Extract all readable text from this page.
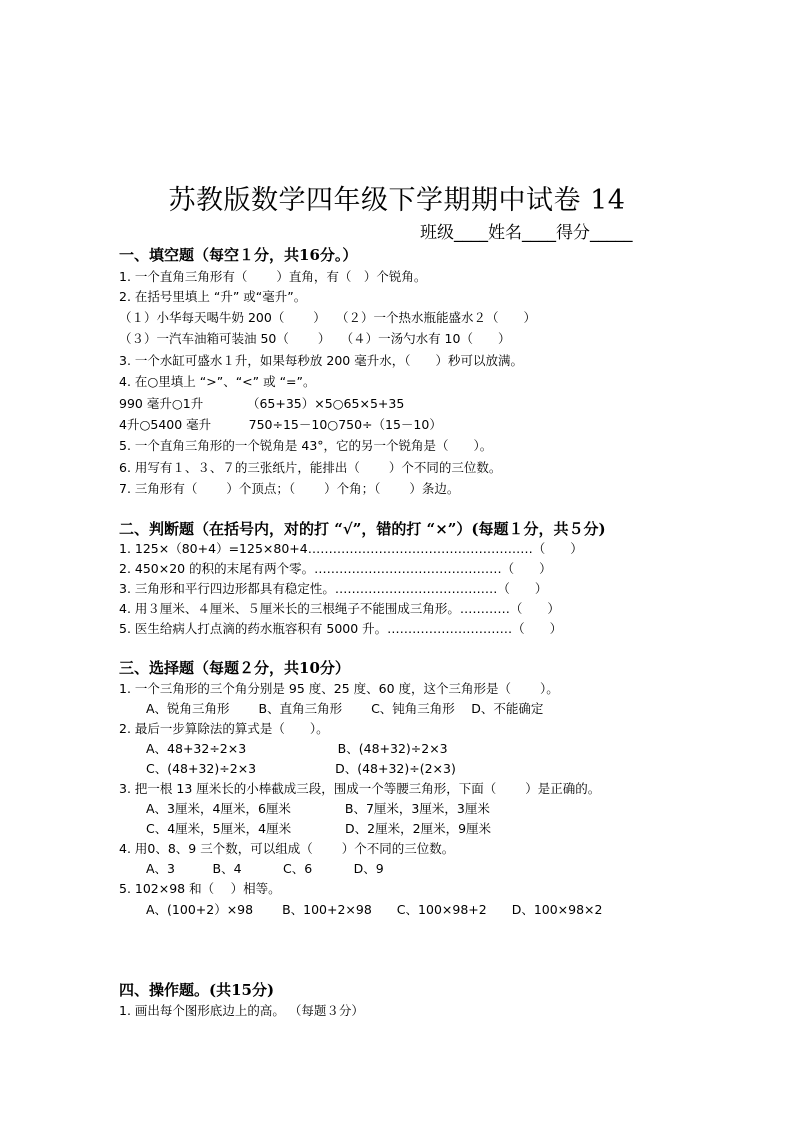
苏教版数学四年级下学期期中试卷 14
班级____姓名____得分_____
一、填空题（每空１分，共16分。）
1. 一个直角三角形有（　　 ）直角，有（　）个锐角。
2. 在括号里填上 “升” 或“毫升”。
（１）小华每天喝牛奶 200（　　 ）　 （２）一个热水瓶能盛水２（　　）
（３）一汽车油箱可装油 50（　　 ）　 （４）一汤勺水有 10（　　）
3. 一个水缸可盛水１升，如果每秒放 200 毫升水，（　　）秒可以放满。
4. 在○里填上 “>”、“<” 或 “=”。
990 毫升○1升　　　　（65+35）×5○65×5+35
4升○5400 毫升　　　750÷15－10○750÷（15－10）
5. 一个直角三角形的一个锐角是 43°，它的另一个锐角是（　　）。
6. 用写有１、３、７的三张纸片，能排出（　　 ）个不同的三位数。
7. 三角形有（　　 ）个顶点；（　　 ）个角；（　　 ）条边。
二、判断题（在括号内，对的打 “√”，错的打 “×”）(每题１分，共５分)
1. 125×（80+4）=125×80+4………………………………………………（　　）
2. 450×20 的积的末尾有两个零。………………………………………（　　）
3. 三角形和平行四边形都具有稳定性。…………………………………（　　）
4. 用３厘米、４厘米、５厘米长的三根绳子不能围成三角形。…………（　　）
5. 医生给病人打点滴的药水瓶容积有 5000 升。…………………………（　　）
三、选择题（每题２分，共10分）
1. 一个三角形的三个角分别是 95 度、25 度、60 度，这个三角形是（　　 ）。
A、锐角三角形　　 B、直角三角形　　 C、钝角三角形　 D、不能确定
2. 最后一步算除法的算式是（　　）。
A、48+32÷2×3　　　　　　　 B、(48+32)÷2×3
C、(48+32)÷2×3　　　　　　 D、(48+32)÷(2×3)
3. 把一根 13 厘米长的小棒截成三段，围成一个等腰三角形，下面（　　 ）是正确的。
A、3厘米，4厘米，6厘米　　　　 B、7厘米，3厘米，3厘米
C、4厘米，5厘米，4厘米　　　　 D、2厘米，2厘米，9厘米
4. 用0、8、9 三个数，可以组成（　　 ）个不同的三位数。
A、3　　　B、4　　　 C、6　　　 D、9
5. 102×98 和（　 ）相等。
A、(100+2）×98　　 B、100+2×98　　C、100×98+2　　D、100×98×2
四、操作题。(共15分)
1. 画出每个图形底边上的高。 （每题３分）
